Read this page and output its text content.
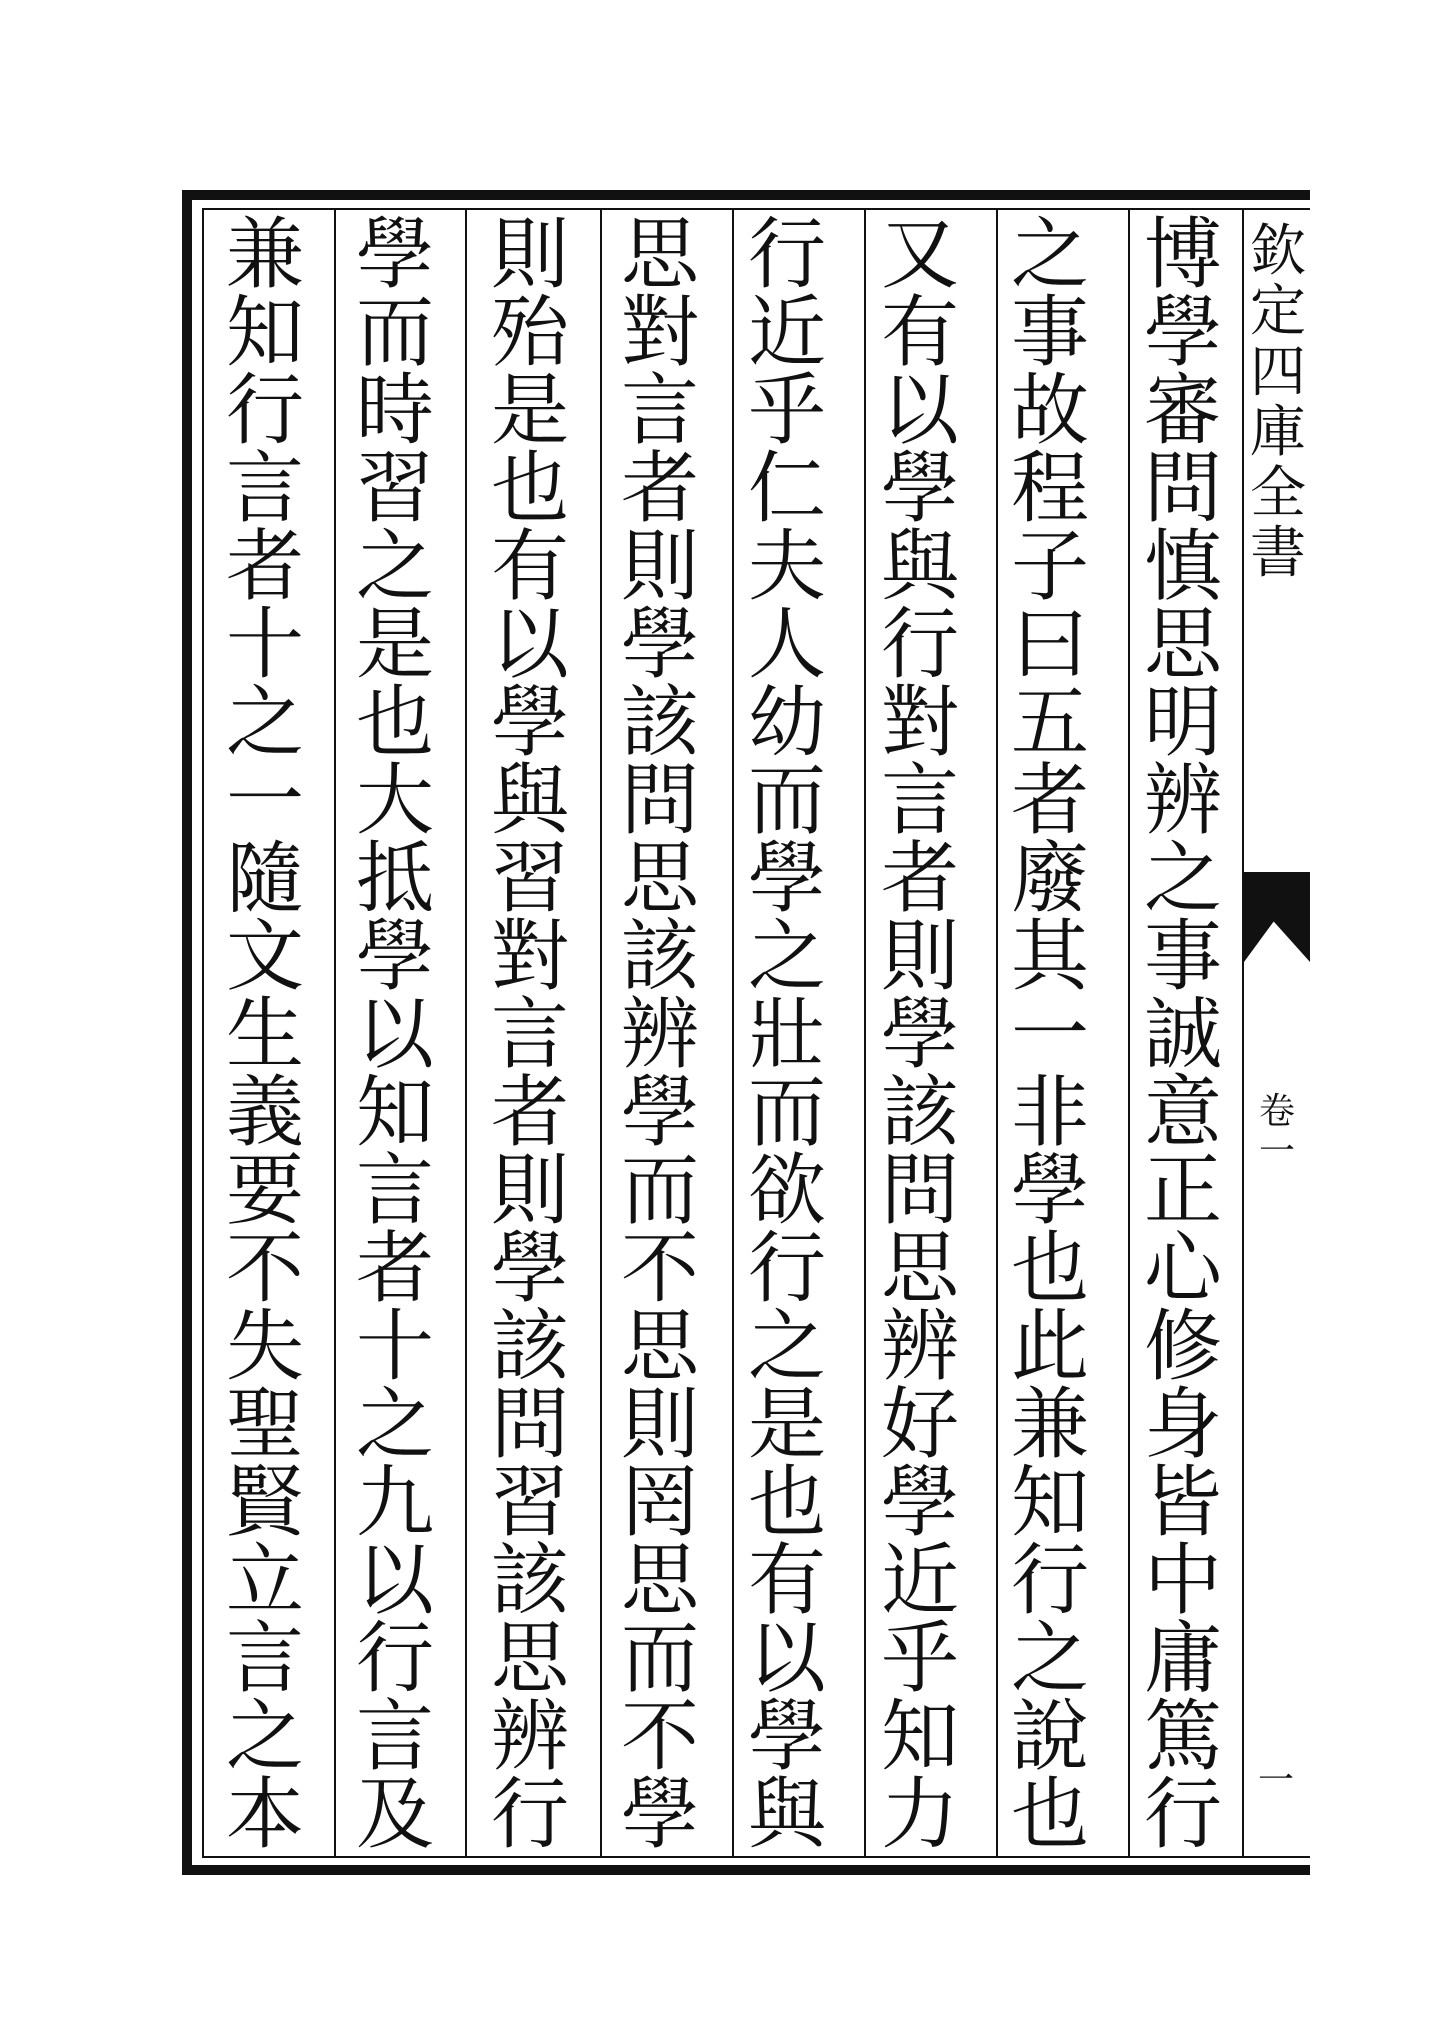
博
學
審
問
慎
思
明
辨
之
事
誠
意
正
心
修
身
皆
中
庸
篤
行
之
事
故
程
子
曰
五
者
廢
其
一
非
學
也
此
兼
知
行
之
說
也
又
有
以
學
與
行
對
言
者
則
學
該
問
思
辨
好
學
近
乎
知
力
行
近
乎
仁
夫
人
幼
而
學
之
壯
而
欲
行
之
是
也
有
以
學
與
思
對
言
者
則
學
該
問
思
該
辨
學
而
不
思
則
罔
思
而
不
學
則
殆
是
也
有
以
學
與
習
對
言
者
則
學
該
問
習
該
思
辨
行
學
而
時
習
之
是
也
大
抵
學
以
知
言
者
十
之
九
以
行
言
及
兼
知
行
言
者
十
之
一
隨
文
生
義
要
不
失
聖
賢
立
言
之
本
欽
定
四
庫
全
書
卷
一
一
